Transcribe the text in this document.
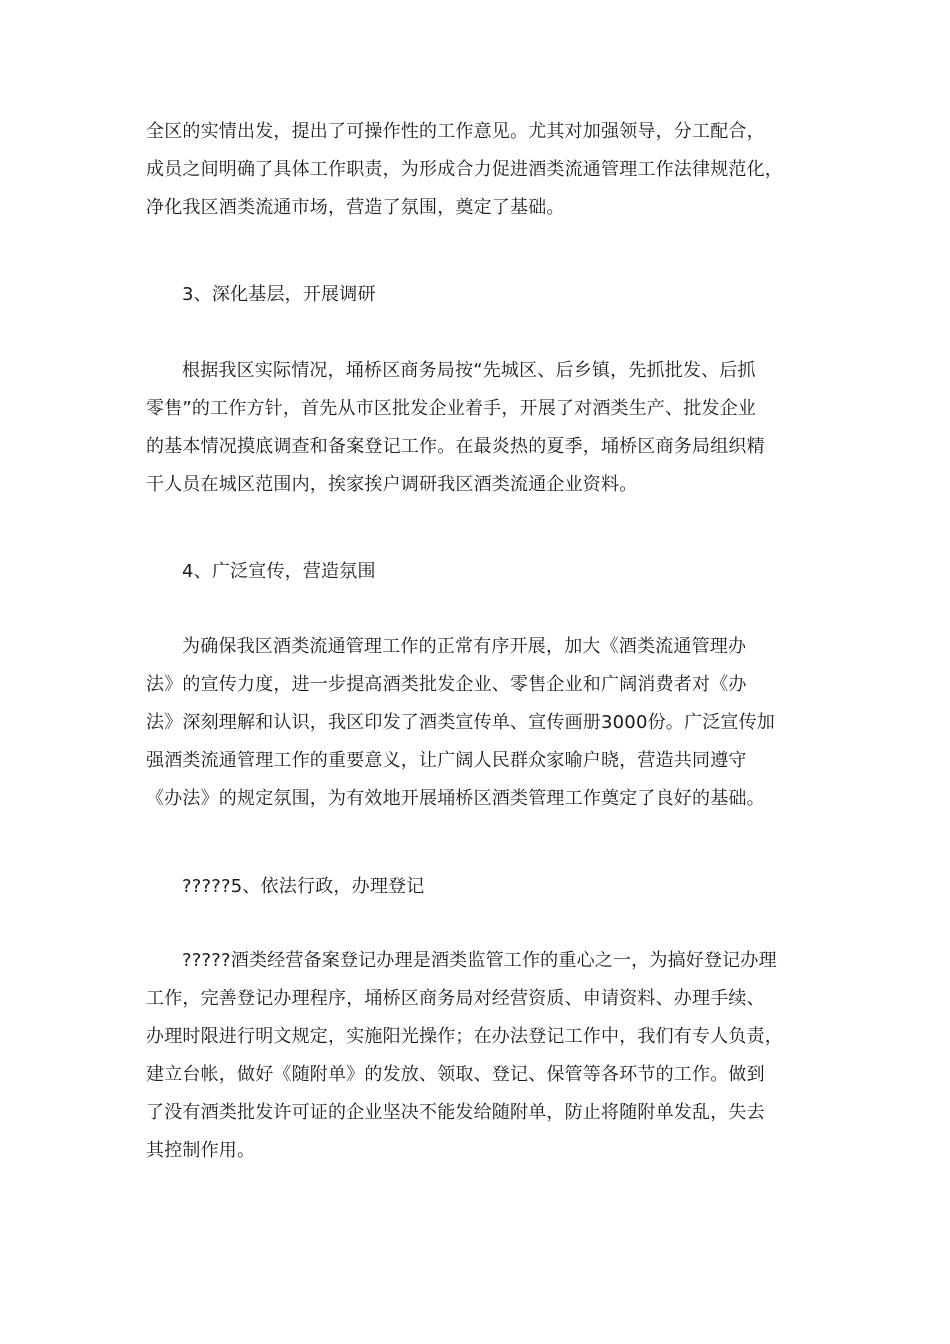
全区的实情出发，提出了可操作性的工作意见。尤其对加强领导，分工配合，
成员之间明确了具体工作职责，为形成合力促进酒类流通管理工作法律规范化，
净化我区酒类流通市场，营造了氛围，奠定了基础。
3、深化基层，开展调研
根据我区实际情况，埇桥区商务局按“先城区、后乡镇，先抓批发、后抓
零售”的工作方针，首先从市区批发企业着手，开展了对酒类生产、批发企业
的基本情况摸底调查和备案登记工作。在最炎热的夏季，埇桥区商务局组织精
干人员在城区范围内，挨家挨户调研我区酒类流通企业资料。
4、广泛宣传，营造氛围
为确保我区酒类流通管理工作的正常有序开展，加大《酒类流通管理办
法》的宣传力度，进一步提高酒类批发企业、零售企业和广阔消费者对《办
法》深刻理解和认识，我区印发了酒类宣传单、宣传画册3000份。广泛宣传加
强酒类流通管理工作的重要意义，让广阔人民群众家喻户晓，营造共同遵守
《办法》的规定氛围，为有效地开展埇桥区酒类管理工作奠定了良好的基础。
?????5、依法行政，办理登记
?????酒类经营备案登记办理是酒类监管工作的重心之一，为搞好登记办理
工作，完善登记办理程序，埇桥区商务局对经营资质、申请资料、办理手续、
办理时限进行明文规定，实施阳光操作；在办法登记工作中，我们有专人负责，
建立台帐，做好《随附单》的发放、领取、登记、保管等各环节的工作。做到
了没有酒类批发许可证的企业坚决不能发给随附单，防止将随附单发乱，失去
其控制作用。
